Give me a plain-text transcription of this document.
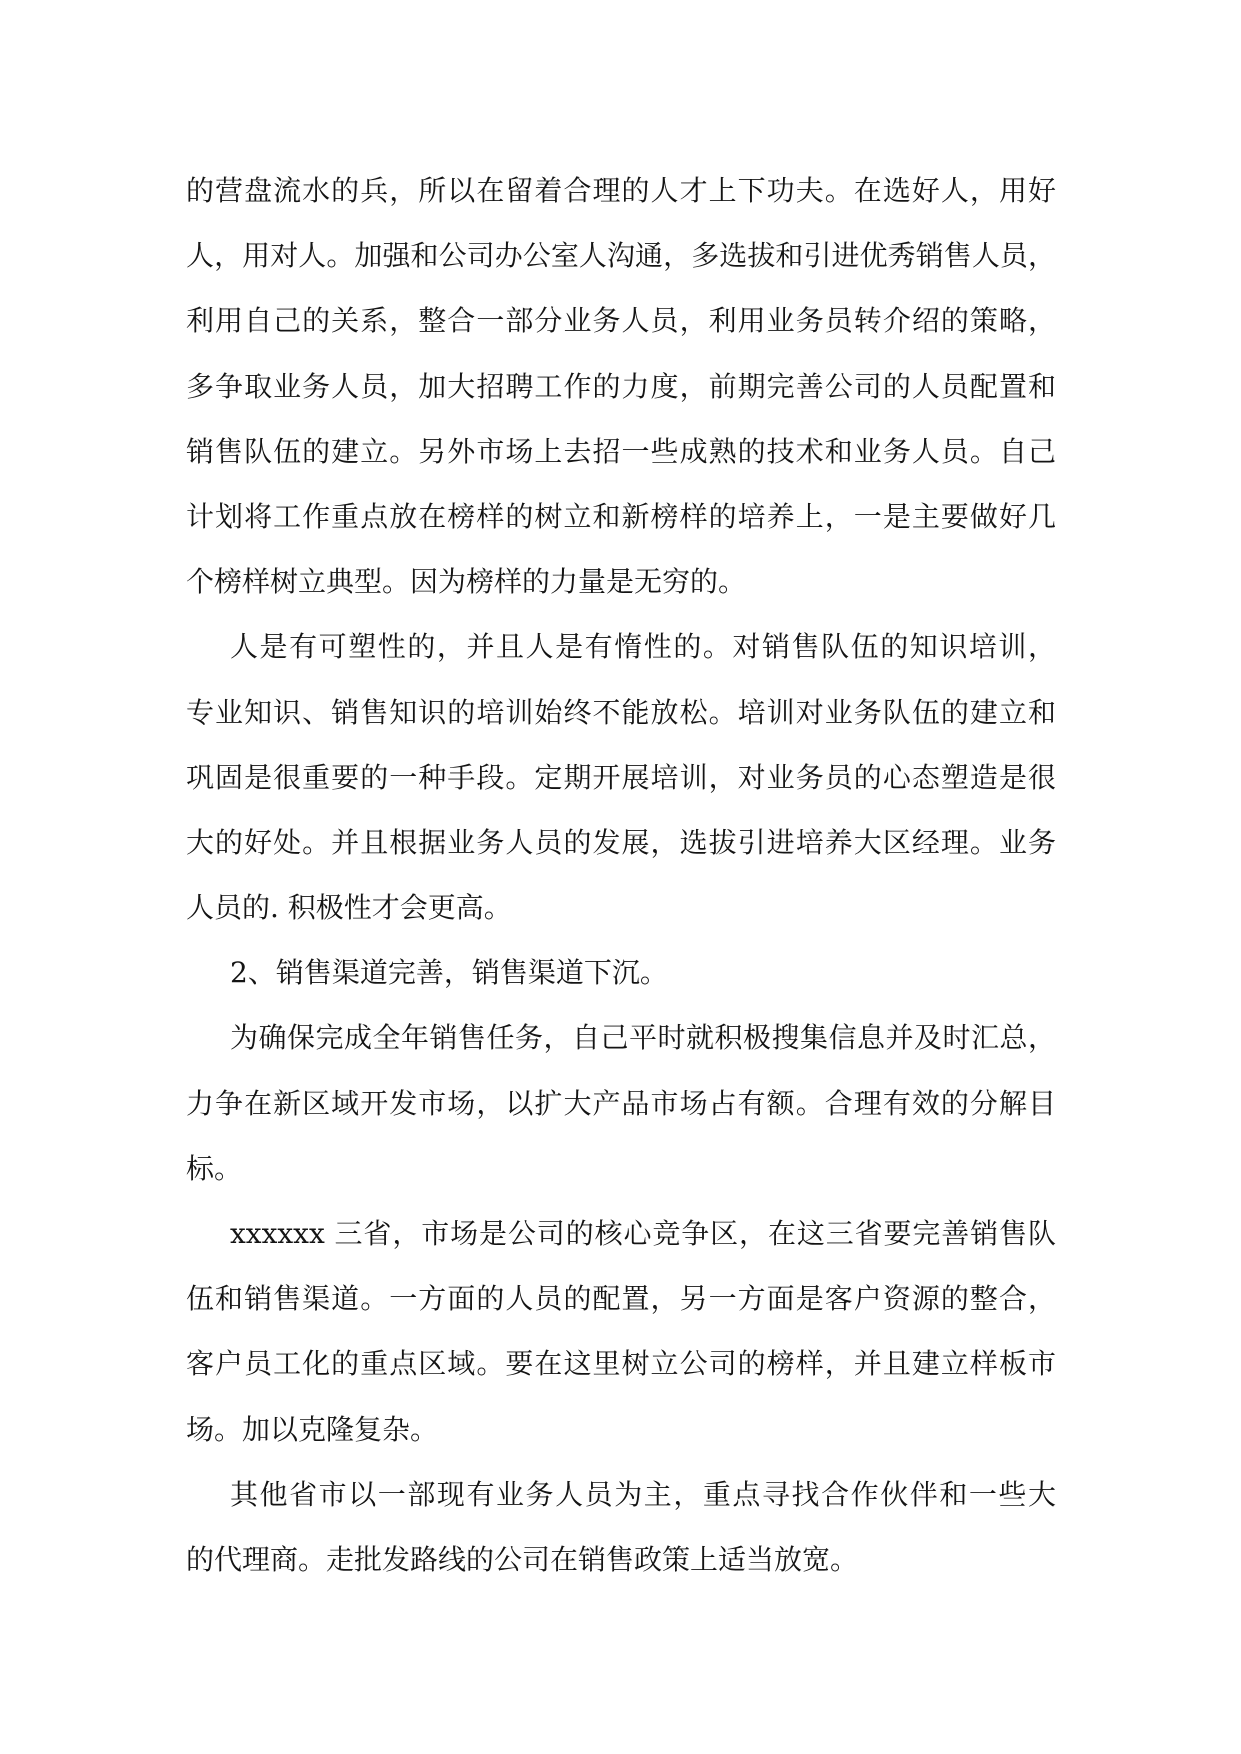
的营盘流水的兵，所以在留着合理的人才上下功夫。在选好人，用好
人，用对人。加强和公司办公室人沟通，多选拔和引进优秀销售人员，
利用自己的关系，整合一部分业务人员，利用业务员转介绍的策略，
多争取业务人员，加大招聘工作的力度，前期完善公司的人员配置和
销售队伍的建立。另外市场上去招一些成熟的技术和业务人员。自己
计划将工作重点放在榜样的树立和新榜样的培养上，一是主要做好几
个榜样树立典型。因为榜样的力量是无穷的。
人是有可塑性的，并且人是有惰性的。对销售队伍的知识培训，
专业知识、销售知识的培训始终不能放松。培训对业务队伍的建立和
巩固是很重要的一种手段。定期开展培训，对业务员的心态塑造是很
大的好处。并且根据业务人员的发展，选拔引进培养大区经理。业务
人员的. 积极性才会更高。
2、销售渠道完善，销售渠道下沉。
为确保完成全年销售任务，自己平时就积极搜集信息并及时汇总，
力争在新区域开发市场，以扩大产品市场占有额。合理有效的分解目
标。
xxxxxx 三省，市场是公司的核心竞争区，在这三省要完善销售队
伍和销售渠道。一方面的人员的配置，另一方面是客户资源的整合，
客户员工化的重点区域。要在这里树立公司的榜样，并且建立样板市
场。加以克隆复杂。
其他省市以一部现有业务人员为主，重点寻找合作伙伴和一些大
的代理商。走批发路线的公司在销售政策上适当放宽。
